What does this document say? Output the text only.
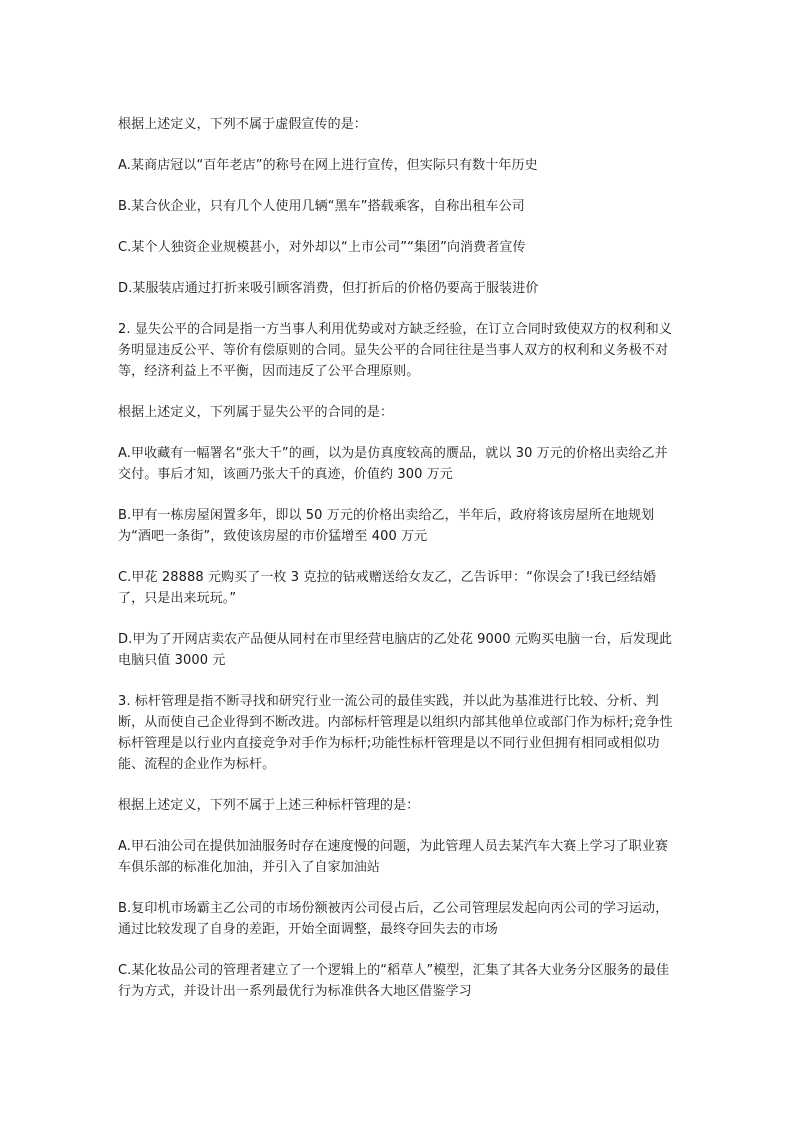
根据上述定义，下列不属于虚假宣传的是：

A.某商店冠以“百年老店”的称号在网上进行宣传，但实际只有数十年历史

B.某合伙企业，只有几个人使用几辆“黑车”搭载乘客，自称出租车公司

C.某个人独资企业规模甚小，对外却以“上市公司”“集团”向消费者宣传

D.某服装店通过打折来吸引顾客消费，但打折后的价格仍要高于服装进价

2. 显失公平的合同是指一方当事人利用优势或对方缺乏经验，在订立合同时致使双方的权利和义务明显违反公平、等价有偿原则的合同。显失公平的合同往往是当事人双方的权利和义务极不对等，经济利益上不平衡，因而违反了公平合理原则。

根据上述定义，下列属于显失公平的合同的是：

A.甲收藏有一幅署名“张大千”的画，以为是仿真度较高的赝品，就以 30 万元的价格出卖给乙并交付。事后才知，该画乃张大千的真迹，价值约 300 万元

B.甲有一栋房屋闲置多年，即以 50 万元的价格出卖给乙，半年后，政府将该房屋所在地规划为“酒吧一条街”，致使该房屋的市价猛增至 400 万元

C.甲花 28888 元购买了一枚 3 克拉的钻戒赠送给女友乙，乙告诉甲：“你误会了!我已经结婚了，只是出来玩玩。”

D.甲为了开网店卖农产品便从同村在市里经营电脑店的乙处花 9000 元购买电脑一台，后发现此电脑只值 3000 元

3. 标杆管理是指不断寻找和研究行业一流公司的最佳实践，并以此为基准进行比较、分析、判断，从而使自己企业得到不断改进。内部标杆管理是以组织内部其他单位或部门作为标杆;竞争性标杆管理是以行业内直接竞争对手作为标杆;功能性标杆管理是以不同行业但拥有相同或相似功能、流程的企业作为标杆。

根据上述定义，下列不属于上述三种标杆管理的是：

A.甲石油公司在提供加油服务时存在速度慢的问题，为此管理人员去某汽车大赛上学习了职业赛车俱乐部的标准化加油，并引入了自家加油站

B.复印机市场霸主乙公司的市场份额被丙公司侵占后，乙公司管理层发起向丙公司的学习运动，通过比较发现了自身的差距，开始全面调整，最终夺回失去的市场

C.某化妆品公司的管理者建立了一个逻辑上的“稻草人”模型，汇集了其各大业务分区服务的最佳行为方式，并设计出一系列最优行为标准供各大地区借鉴学习
